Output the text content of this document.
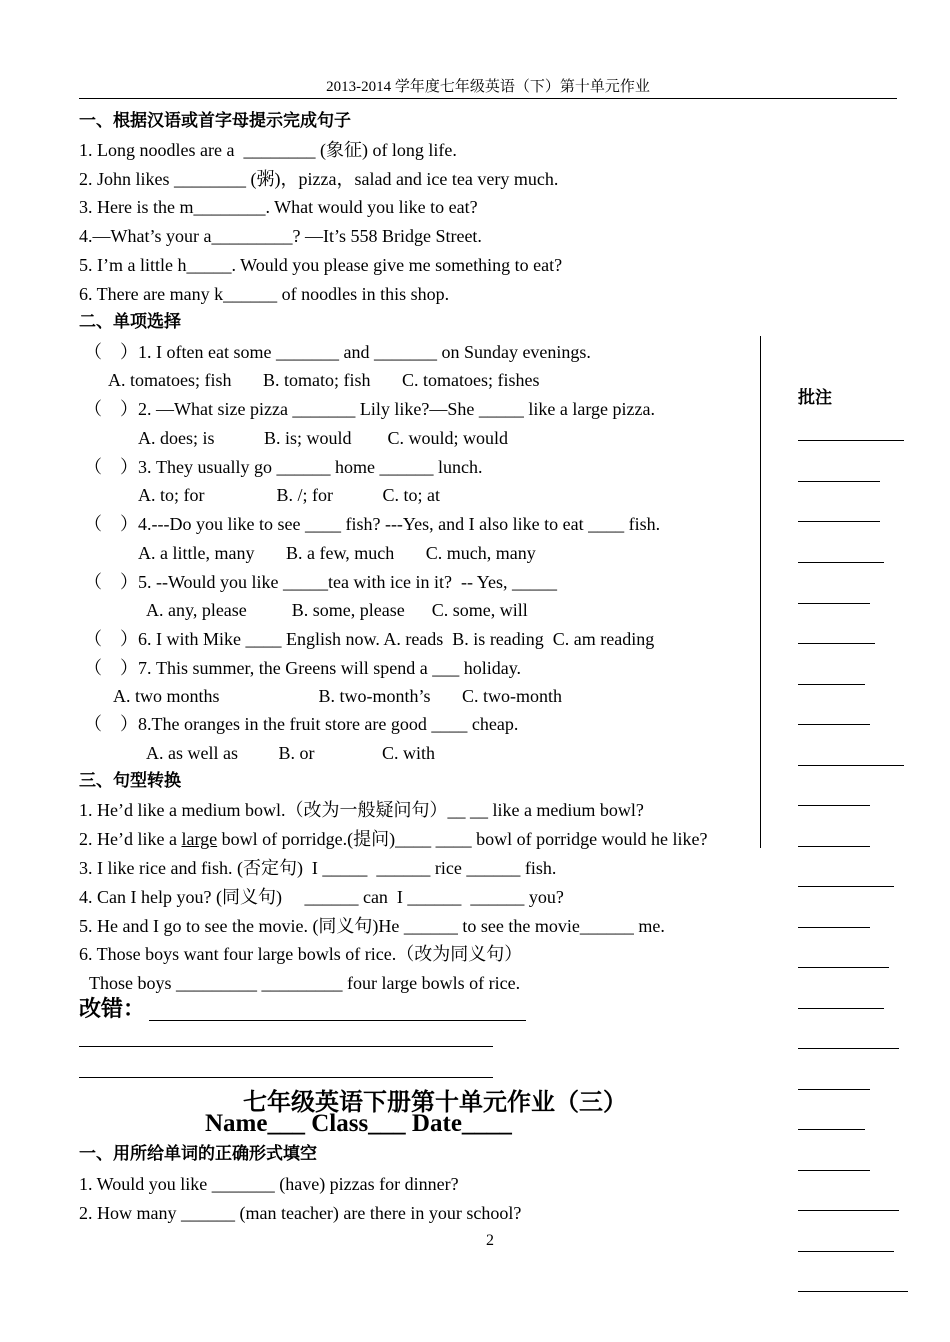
2013-2014 学年度七年级英语（下）第十单元作业
一、根据汉语或首字母提示完成句子
1. Long noodles are a  ________ (象征) of long life.
2. John likes ________ (粥)，pizza，salad and ice tea very much.
3. Here is the m________. What would you like to eat?
4.—What’s your a_________? —It’s 558 Bridge Street.
5. I’m a little h_____. Would you please give me something to eat?
6. There are many k______ of noodles in this shop.
二、单项选择
（    ）1. I often eat some _______ and _______ on Sunday evenings.
A. tomatoes; fish       B. tomato; fish       C. tomatoes; fishes
（    ）2. —What size pizza _______ Lily like?—She _____ like a large pizza.
A. does; is           B. is; would        C. would; would
（    ）3. They usually go ______ home ______ lunch.
A. to; for                B. /; for           C. to; at
（    ）4.---Do you like to see ____ fish? ---Yes, and I also like to eat ____ fish.
A. a little, many       B. a few, much       C. much, many
（    ）5. --Would you like _____tea with ice in it?  -- Yes, _____
A. any, please          B. some, please      C. some, will
（    ）6. I with Mike ____ English now. A. reads  B. is reading  C. am reading
（    ）7. This summer, the Greens will spend a ___ holiday.
A. two months                      B. two-month’s       C. two-month
（    ）8.The oranges in the fruit store are good ____ cheap.
A. as well as         B. or               C. with
三、句型转换
1. He’d like a medium bowl.（改为一般疑问句）__ __ like a medium bowl?
2. He’d like a large bowl of porridge.(提问)____ ____ bowl of porridge would he like?
3. I like rice and fish. (否定句)  I _____  ______ rice ______ fish.
4. Can I help you? (同义句)     ______ can  I ______  ______ you?
5. He and I go to see the movie. (同义句)He ______ to see the movie______ me.
6. Those boys want four large bowls of rice.（改为同义句）
Those boys _________ _________ four large bowls of rice.
改错：
七年级英语下册第十单元作业（三）
Name___ Class___ Date____
一、用所给单词的正确形式填空
1. Would you like _______ (have) pizzas for dinner?
2. How many ______ (man teacher) are there in your school?
2
批注
